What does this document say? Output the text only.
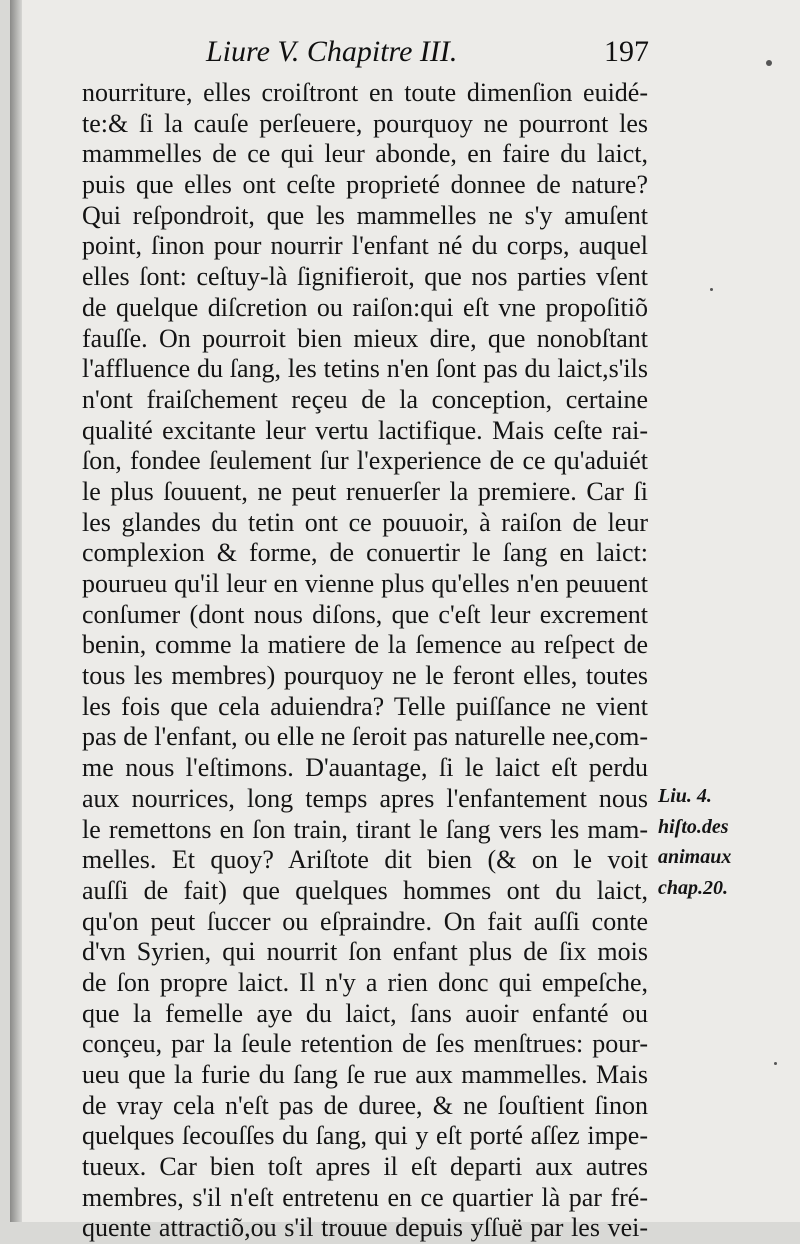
Liure V. Chapitre III.	197
nourriture, elles croiſtront en toute dimenſion euidé-
te:& ſi la cauſe perſeuere, pourquoy ne pourront les
mammelles de ce qui leur abonde, en faire du laict,
puis que elles ont ceſte proprieté donnee de nature?
Qui reſpondroit, que les mammelles ne s'y amuſent
point, ſinon pour nourrir l'enfant né du corps, auquel
elles ſont: ceſtuy-là ſignifieroit, que nos parties vſent
de quelque diſcretion ou raiſon:qui eſt vne propoſitiõ
fauſſe. On pourroit bien mieux dire, que nonobſtant
l'affluence du ſang, les tetins n'en ſont pas du laict,s'ils
n'ont fraiſchement reçeu de la conception, certaine
qualité excitante leur vertu lactifique. Mais ceſte rai-
ſon, fondee ſeulement ſur l'experience de ce qu'aduiét
le plus ſouuent, ne peut renuerſer la premiere. Car ſi
les glandes du tetin ont ce pouuoir, à raiſon de leur
complexion & forme, de conuertir le ſang en laict:
pourueu qu'il leur en vienne plus qu'elles n'en peuuent
conſumer (dont nous diſons, que c'eſt leur excrement
benin, comme la matiere de la ſemence au reſpect de
tous les membres) pourquoy ne le feront elles, toutes
les fois que cela aduiendra? Telle puiſſance ne vient
pas de l'enfant, ou elle ne ſeroit pas naturelle nee,com-
me nous l'eſtimons. D'auantage, ſi le laict eſt perdu
aux nourrices, long temps apres l'enfantement nous
le remettons en ſon train, tirant le ſang vers les mam-
melles. Et quoy? Ariſtote dit bien (& on le voit
auſſi de fait) que quelques hommes ont du laict,
qu'on peut ſuccer ou eſpraindre. On fait auſſi conte
d'vn Syrien, qui nourrit ſon enfant plus de ſix mois
de ſon propre laict. Il n'y a rien donc qui empeſche,
que la femelle aye du laict, ſans auoir enfanté ou
conçeu, par la ſeule retention de ſes menſtrues: pour-
ueu que la furie du ſang ſe rue aux mammelles. Mais
de vray cela n'eſt pas de duree, & ne ſouſtient ſinon
quelques ſecouſſes du ſang, qui y eſt porté aſſez impe-
tueux. Car bien toſt apres il eſt departi aux autres
membres, s'il n'eſt entretenu en ce quartier là par fré-
quente attractiõ,ou s'il trouue depuis yſſuë par les vei-
Liu. 4.
hiſto.des
animaux
chap.20.
